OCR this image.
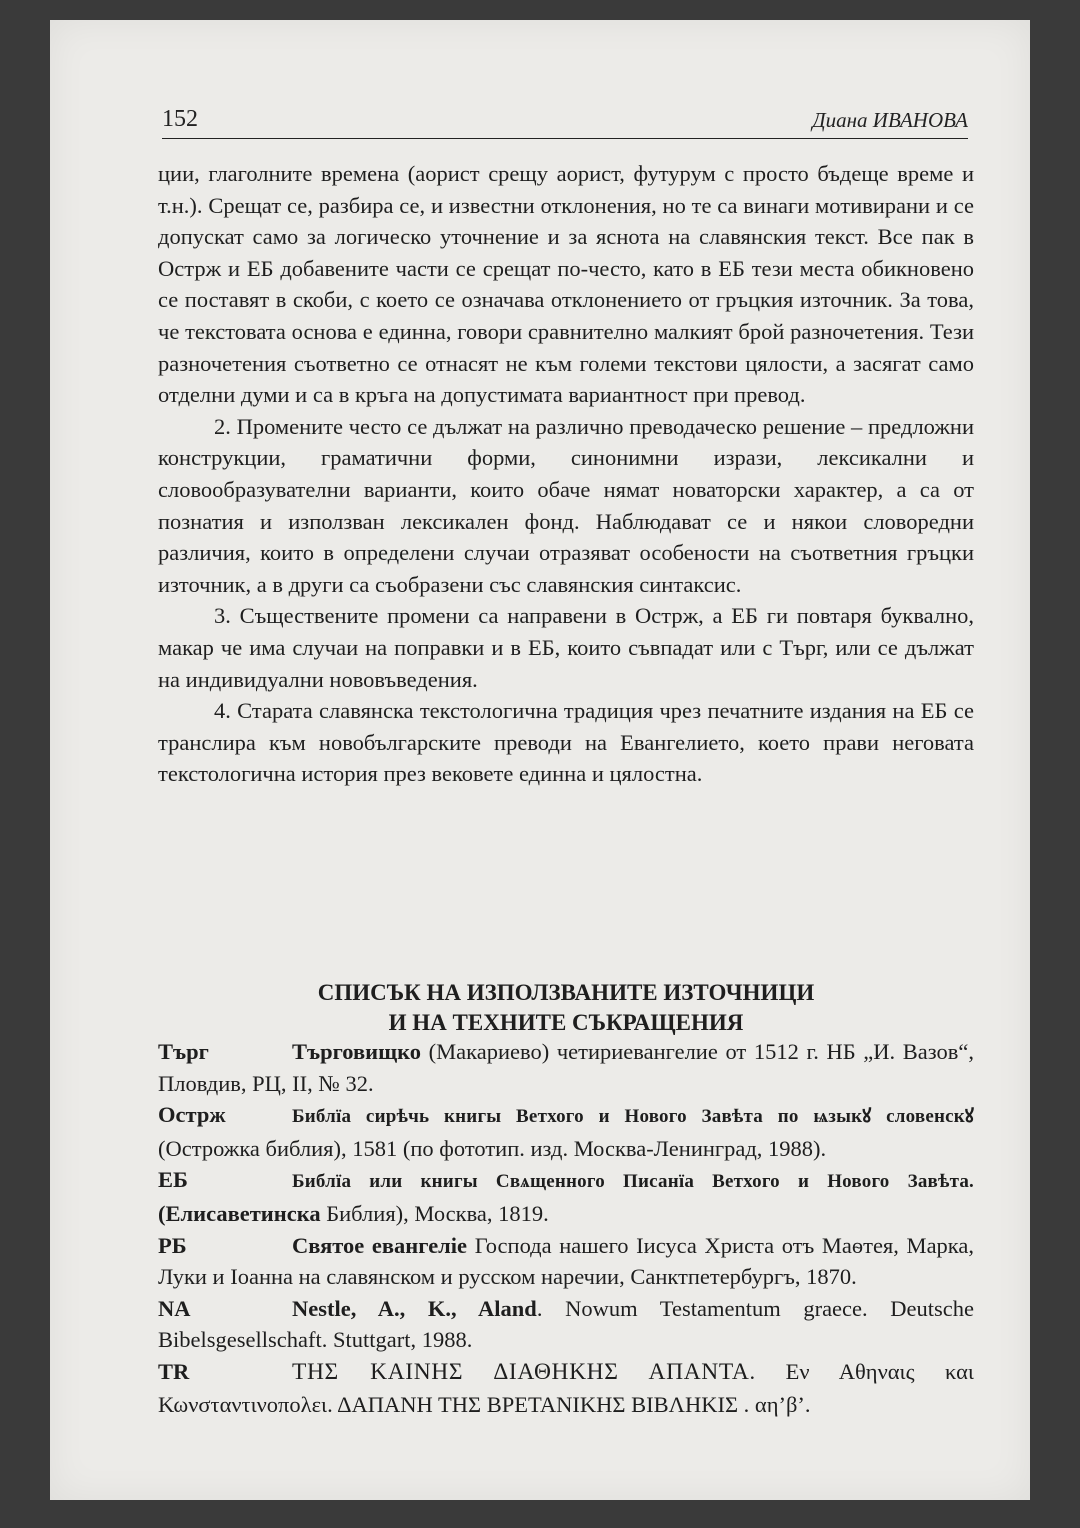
152	Диана ИВАНОВА

ции, глаголните времена (аорист срещу аорист, футурум с просто бъдеще време и т.н.). Срещат се, разбира се, и известни отклонения, но те са винаги мотивирани и се допускат само за логическо уточнение и за яснота на славянския текст. Все пак в Острж и ЕБ добавените части се срещат по-често, като в ЕБ тези места обикновено се поставят в скоби, с което се означава отклонението от гръцкия източник. За това, че текстовата основа е единна, говори сравнително малкият брой разночетения. Тези разночетения съответно се отнасят не към големи текстови цялости, а засягат само отделни думи и са в кръга на допустимата вариантност при превод.

2. Промените често се дължат на различно преводаческо решение – предложни конструкции, граматични форми, синонимни изрази, лексикални и словообразувателни варианти, които обаче нямат новаторски характер, а са от познатия и използван лексикален фонд. Наблюдават се и някои словоредни различия, които в определени случаи отразяват особености на съответния гръцки източник, а в други са съобразени със славянския синтаксис.

3. Съществените промени са направени в Острж, а ЕБ ги повтаря буквално, макар че има случаи на поправки и в ЕБ, които съвпадат или с Търг, или се дължат на индивидуални нововъведения.

4. Старата славянска текстологична традиция чрез печатните издания на ЕБ се транслира към новобългарските преводи на Евангелието, което прави неговата текстологична история през вековете единна и цялостна.

СПИСЪК НА ИЗПОЛЗВАНИТЕ ИЗТОЧНИЦИ
И НА ТЕХНИТЕ СЪКРАЩЕНИЯ

Търг	Търговищко (Макариево) четириевангелие от 1512 г. НБ „И. Вазов“, Пловдив, РЦ, II, № 32.

Острж	Библїа сирѣчь книгы Ветхого и Нового Завѣта по ѩзыкꙋ словенскꙋ (Острожка библия), 1581 (по фототип. изд. Москва-Ленинград, 1988).

ЕБ	Библїа или книгы Свѧщенного Писанїа Ветхого и Нового Завѣта. (Елисаветинска Библия), Москва, 1819.

РБ	Святое евангелiе Господа нашего Iисуса Христа отъ Маѳтея, Марка, Луки и Iоанна на славянском и русском наречии, Санктпетербургъ, 1870.

NA	Nestle, A., K., Aland. Nowum Testamentum graece. Deutsche Bibelsgesellschaft. Stuttgart, 1988.

TR	ΤΗΣ ΚΑΙΝΗΣ ΔΙΑΘΗΚΗΣ ΑΠΑΝΤΑ. Εν Αθηναις και Κωνσταντινοπολει. ΔΑΠΑΝΗ ΤΗΣ ΒΡΕΤΑΝΙΚΗΣ ΒΙΒΛΗΚΙΣ . αη’β’.
